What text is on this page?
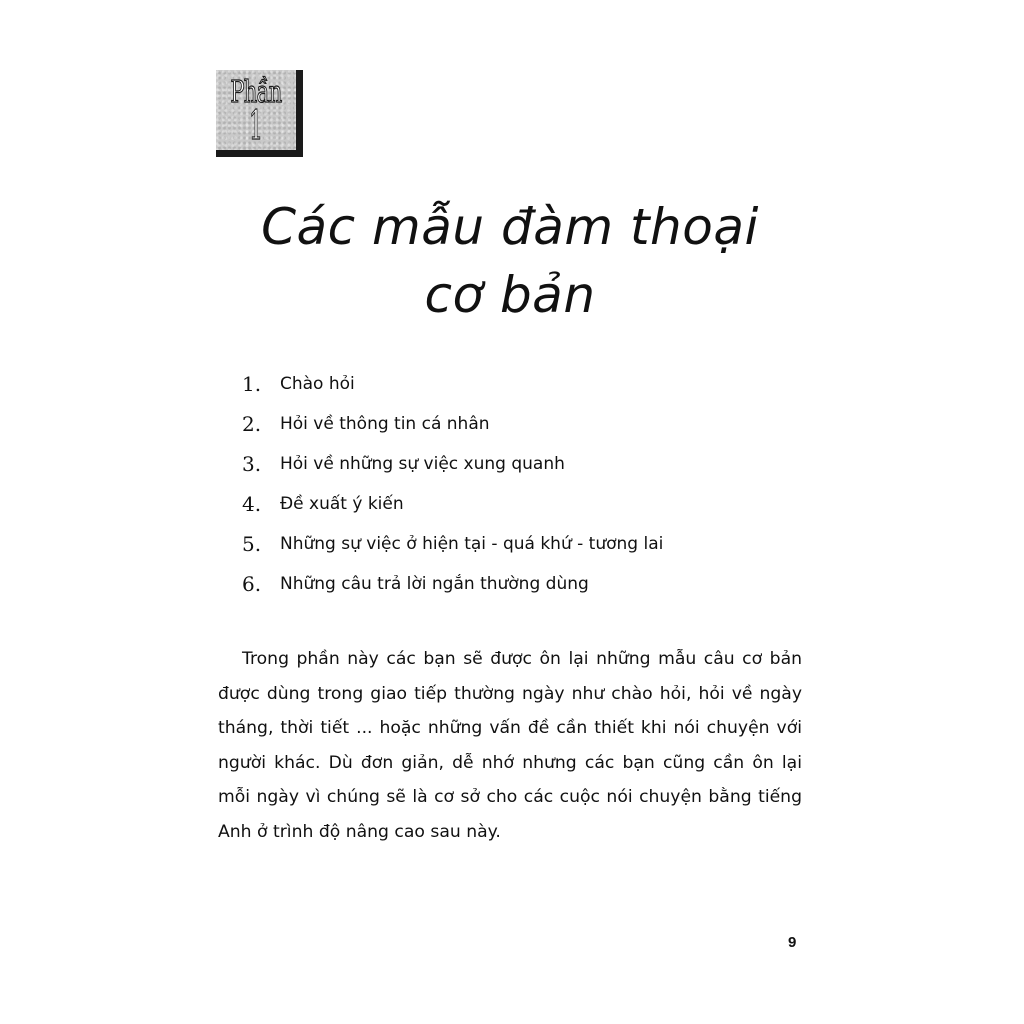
Phần
1
Các mẫu đàm thoại
cơ bản
1.	Chào hỏi
2.	Hỏi về thông tin cá nhân
3.	Hỏi về những sự việc xung quanh
4.	Đề xuất ý kiến
5.	Những sự việc ở hiện tại - quá khứ - tương lai
6.	Những câu trả lời ngắn thường dùng

Trong phần này các bạn sẽ được ôn lại những mẫu câu cơ bản được dùng trong giao tiếp thường ngày như chào hỏi, hỏi về ngày tháng, thời tiết ... hoặc những vấn đề cần thiết khi nói chuyện với người khác. Dù đơn giản, dễ nhớ nhưng các bạn cũng cần ôn lại mỗi ngày vì chúng sẽ là cơ sở cho các cuộc nói chuyện bằng tiếng Anh ở trình độ nâng cao sau này.

9
